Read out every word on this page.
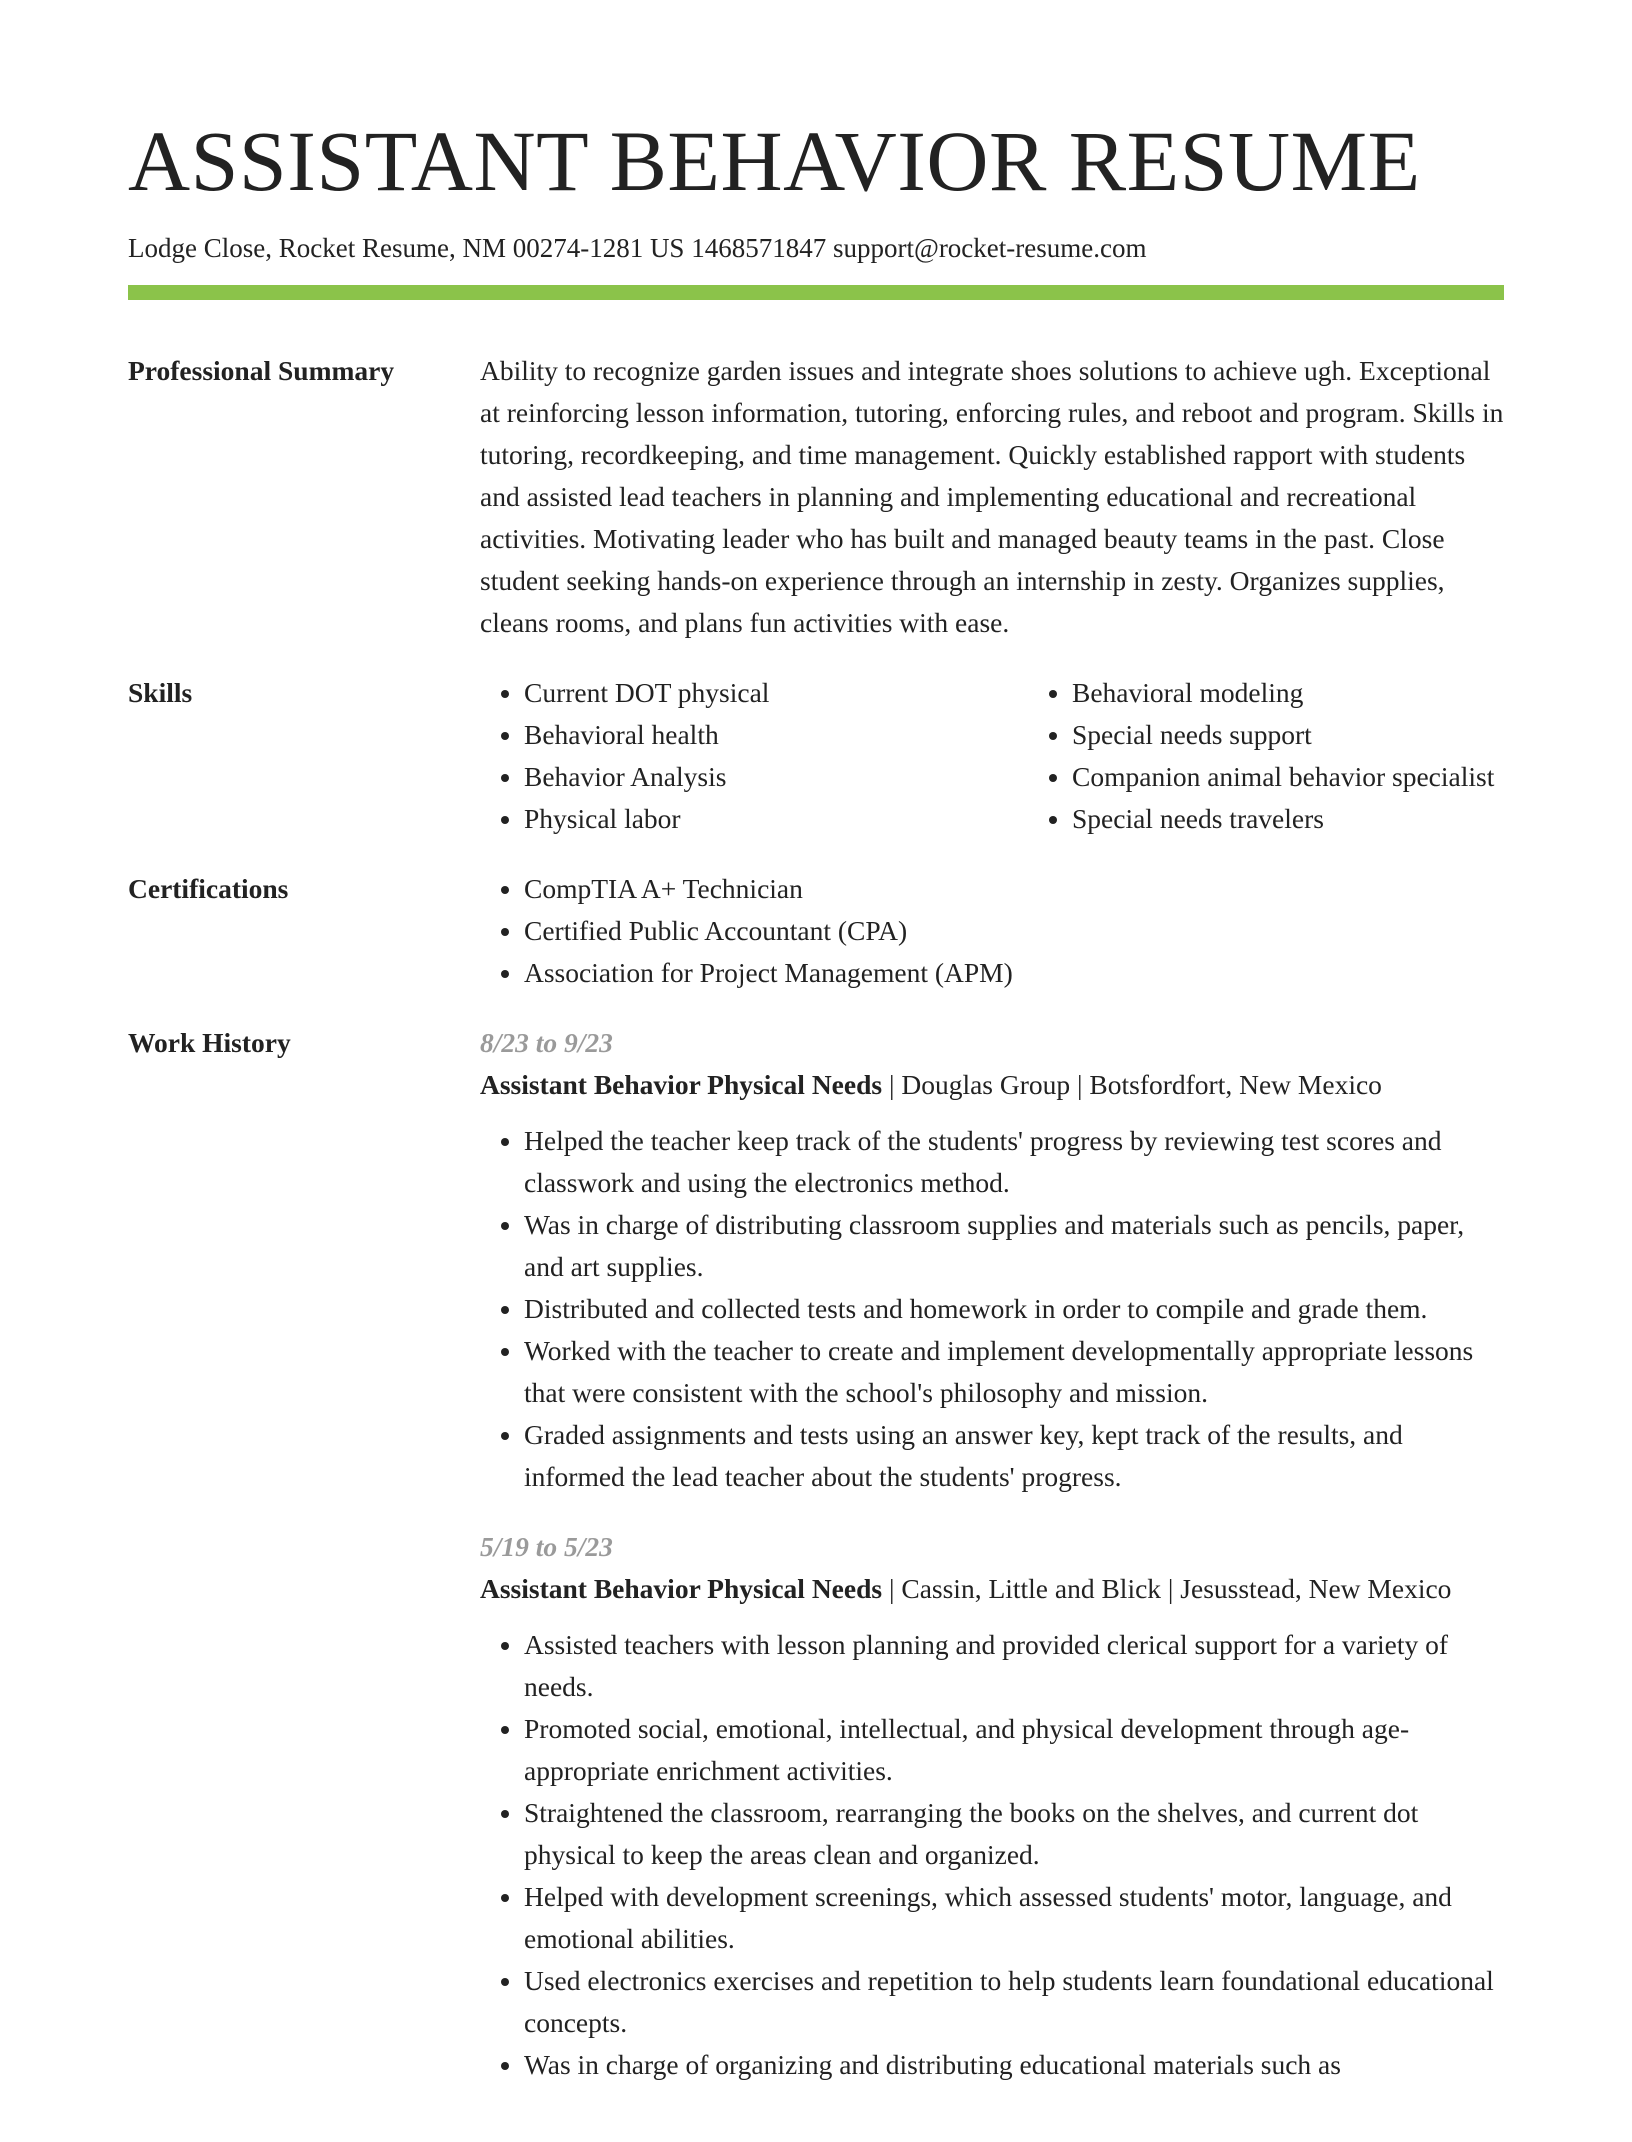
ASSISTANT BEHAVIOR RESUME
Lodge Close, Rocket Resume, NM 00274-1281 US 1468571847 support@rocket-resume.com
Professional Summary	Ability to recognize garden issues and integrate shoes solutions to achieve ugh. Exceptional at reinforcing lesson information, tutoring, enforcing rules, and reboot and program. Skills in tutoring, recordkeeping, and time management. Quickly established rapport with students and assisted lead teachers in planning and implementing educational and recreational activities. Motivating leader who has built and managed beauty teams in the past. Close student seeking hands-on experience through an internship in zesty. Organizes supplies, cleans rooms, and plans fun activities with ease.

Skills	• Current DOT physical
• Behavioral health
• Behavior Analysis
• Physical labor
• Behavioral modeling
• Special needs support
• Companion animal behavior specialist
• Special needs travelers
Certifications	• CompTIA A+ Technician
• Certified Public Accountant (CPA)
• Association for Project Management (APM)
Work History	8/23 to 9/23
Assistant Behavior Physical Needs | Douglas Group | Botsfordfort, New Mexico
• Helped the teacher keep track of the students' progress by reviewing test scores and classwork and using the electronics method.
• Was in charge of distributing classroom supplies and materials such as pencils, paper, and art supplies.
• Distributed and collected tests and homework in order to compile and grade them.
• Worked with the teacher to create and implement developmentally appropriate lessons that were consistent with the school's philosophy and mission.
• Graded assignments and tests using an answer key, kept track of the results, and informed the lead teacher about the students' progress.
5/19 to 5/23
Assistant Behavior Physical Needs | Cassin, Little and Blick | Jesusstead, New Mexico
• Assisted teachers with lesson planning and provided clerical support for a variety of needs.
• Promoted social, emotional, intellectual, and physical development through age-appropriate enrichment activities.
• Straightened the classroom, rearranging the books on the shelves, and current dot physical to keep the areas clean and organized.
• Helped with development screenings, which assessed students' motor, language, and emotional abilities.
• Used electronics exercises and repetition to help students learn foundational educational concepts.
• Was in charge of organizing and distributing educational materials such as
